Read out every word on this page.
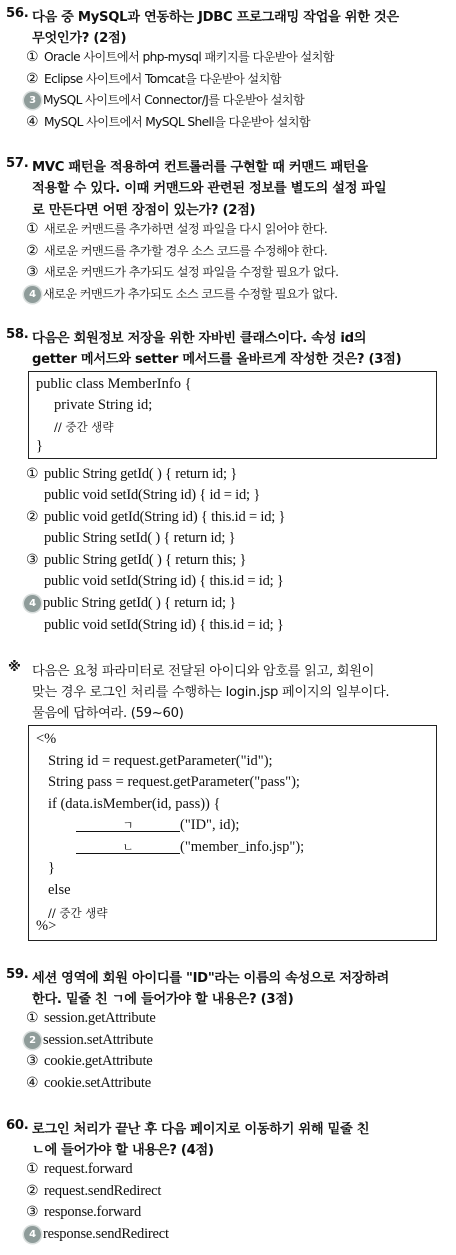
56. 다음 중 MySQL과 연동하는 JDBC 프로그래밍 작업을 위한 것은
무엇인가? (2점)
① Oracle 사이트에서 php-mysql 패키지를 다운받아 설치함
② Eclipse 사이트에서 Tomcat을 다운받아 설치함
3 MySQL 사이트에서 Connector/J를 다운받아 설치함
④ MySQL 사이트에서 MySQL Shell을 다운받아 설치함
57. MVC 패턴을 적용하여 컨트롤러를 구현할 때 커맨드 패턴을
적용할 수 있다. 이때 커맨드와 관련된 정보를 별도의 설정 파일
로 만든다면 어떤 장점이 있는가? (2점)
① 새로운 커맨드를 추가하면 설정 파일을 다시 읽어야 한다.
② 새로운 커맨드를 추가할 경우 소스 코드를 수정해야 한다.
③ 새로운 커맨드가 추가되도 설정 파일을 수정할 필요가 없다.
4 새로운 커맨드가 추가되도 소스 코드를 수정할 필요가 없다.
58. 다음은 회원정보 저장을 위한 자바빈 클래스이다. 속성 id의
getter 메서드와 setter 메서드를 올바르게 작성한 것은? (3점)
public class MemberInfo {
private String id;
// 중간 생략
}
① public String getId( ) { return id; }
public void setId(String id) { id = id; }
② public void getId(String id) { this.id = id; }
public String setId( ) { return id; }
③ public String getId( ) { return this; }
public void setId(String id) { this.id = id; }
4 public String getId( ) { return id; }
public void setId(String id) { this.id = id; }
※ 다음은 요청 파라미터로 전달된 아이디와 암호를 읽고, 회원이
맞는 경우 로그인 처리를 수행하는 login.jsp 페이지의 일부이다.
물음에 답하여라. (59~60)
<%
String id = request.getParameter("id");
String pass = request.getParameter("pass");
if (data.isMember(id, pass)) {
ㄱ	("ID", id);
ㄴ	("member_info.jsp");
}
else
// 중간 생략
%>
59. 세션 영역에 회원 아이디를 "ID"라는 이름의 속성으로 저장하려
한다. 밑줄 친 ㄱ에 들어가야 할 내용은? (3점)
① session.getAttribute
2 session.setAttribute
③ cookie.getAttribute
④ cookie.setAttribute
60. 로그인 처리가 끝난 후 다음 페이지로 이동하기 위해 밑줄 친
ㄴ에 들어가야 할 내용은? (4점)
① request.forward
② request.sendRedirect
③ response.forward
4 response.sendRedirect
